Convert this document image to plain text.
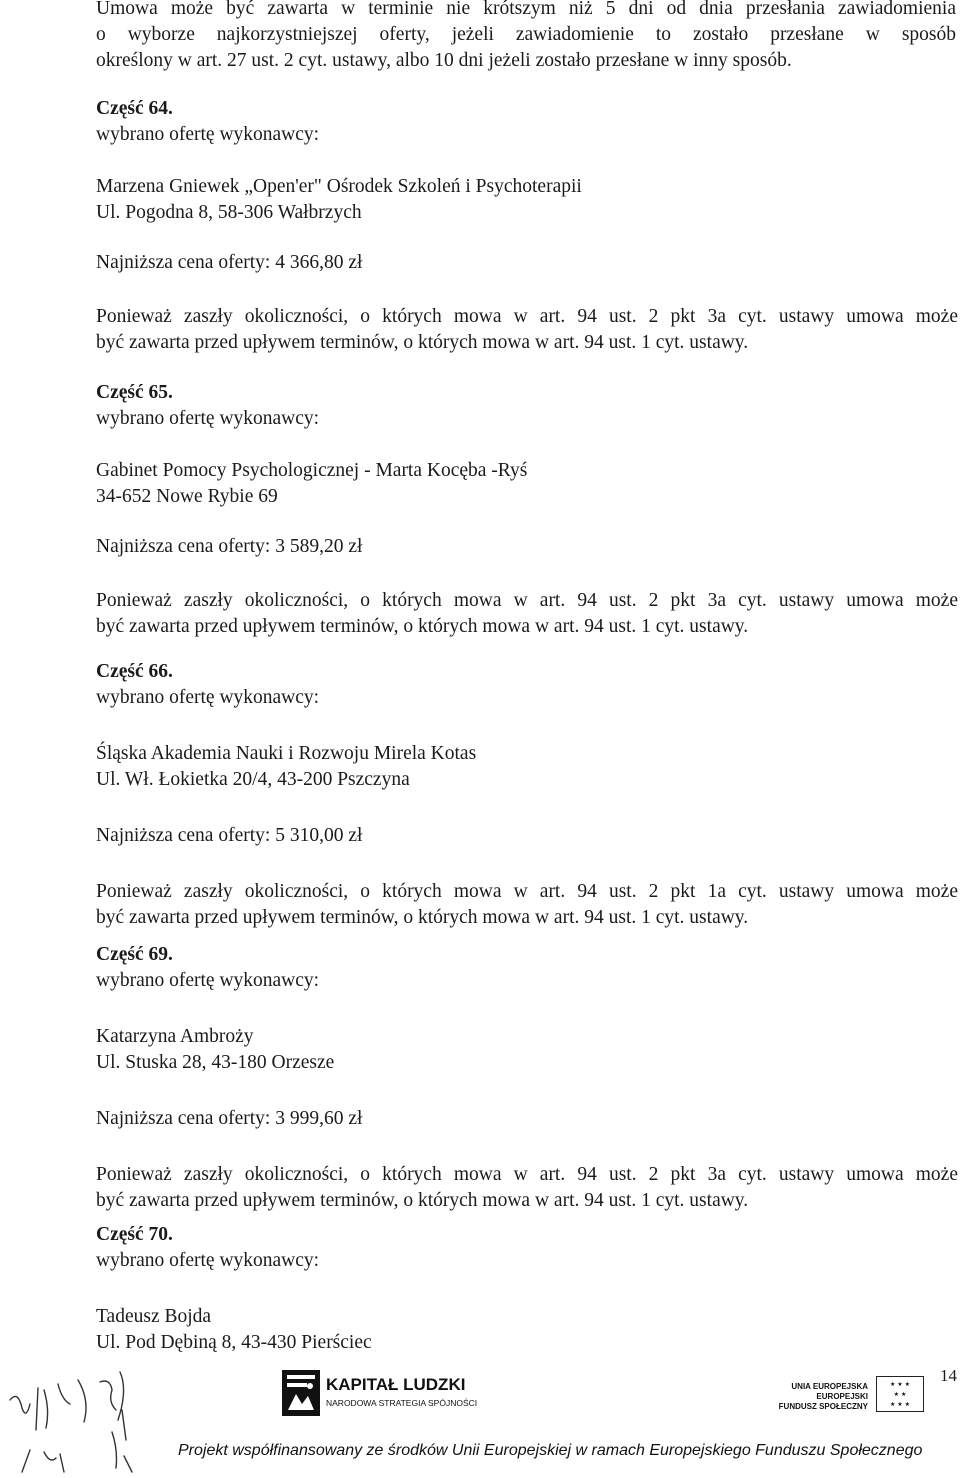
Umowa może być zawarta w terminie nie krótszym niż 5 dni od dnia przesłania zawiadomienia
o wyborze najkorzystniejszej oferty, jeżeli zawiadomienie to zostało przesłane w sposób
określony w art. 27 ust. 2 cyt. ustawy, albo 10 dni jeżeli zostało przesłane w inny sposób.
Część 64.
wybrano ofertę wykonawcy:
Marzena Gniewek „Open'er" Ośrodek Szkoleń i Psychoterapii
Ul. Pogodna 8, 58-306 Wałbrzych
Najniższa cena oferty: 4 366,80 zł
Ponieważ zaszły okoliczności, o których mowa w art. 94 ust. 2 pkt 3a cyt. ustawy umowa może
być zawarta przed upływem terminów, o których mowa w art. 94 ust. 1 cyt. ustawy.
Część 65.
wybrano ofertę wykonawcy:
Gabinet Pomocy Psychologicznej - Marta Kocęba -Ryś
34-652 Nowe Rybie 69
Najniższa cena oferty: 3 589,20 zł
Ponieważ zaszły okoliczności, o których mowa w art. 94 ust. 2 pkt 3a cyt. ustawy umowa może
być zawarta przed upływem terminów, o których mowa w art. 94 ust. 1 cyt. ustawy.
Część 66.
wybrano ofertę wykonawcy:
Śląska Akademia Nauki i Rozwoju Mirela Kotas
Ul. Wł. Łokietka 20/4, 43-200 Pszczyna
Najniższa cena oferty: 5 310,00 zł
Ponieważ zaszły okoliczności, o których mowa w art. 94 ust. 2 pkt 1a cyt. ustawy umowa może
być zawarta przed upływem terminów, o których mowa w art. 94 ust. 1 cyt. ustawy.
Część 69.
wybrano ofertę wykonawcy:
Katarzyna Ambroży
Ul. Stuska 28, 43-180 Orzesze
Najniższa cena oferty: 3 999,60 zł
Ponieważ zaszły okoliczności, o których mowa w art. 94 ust. 2 pkt 3a cyt. ustawy umowa może
być zawarta przed upływem terminów, o których mowa w art. 94 ust. 1 cyt. ustawy.
Część 70.
wybrano ofertę wykonawcy:
Tadeusz Bojda
Ul. Pod Dębiną 8, 43-430 Pierściec
14
KAPITAŁ LUDZKI
NARODOWA STRATEGIA SPÓJNOŚCI
UNIA EUROPEJSKA
EUROPEJSKI
FUNDUSZ SPOŁECZNY
★ ★ ★
★ ★
★ ★ ★
Projekt współfinansowany ze środków Unii Europejskiej w ramach Europejskiego Funduszu Społecznego
